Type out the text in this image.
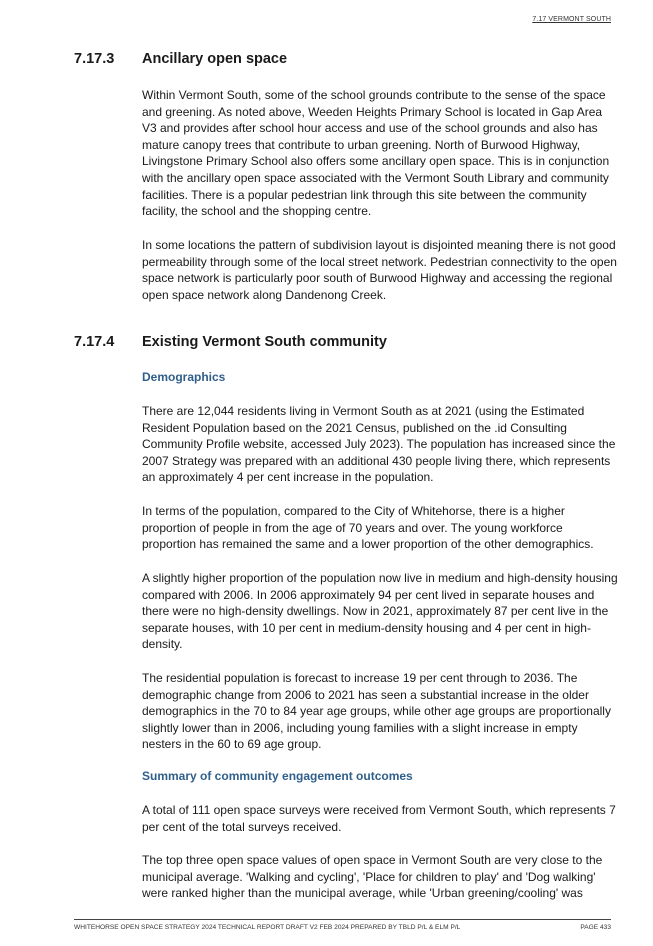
7.17 VERMONT SOUTH
7.17.3 Ancillary open space

Within Vermont South, some of the school grounds contribute to the sense of the space and greening. As noted above, Weeden Heights Primary School is located in Gap Area V3 and provides after school hour access and use of the school grounds and also has mature canopy trees that contribute to urban greening. North of Burwood Highway, Livingstone Primary School also offers some ancillary open space. This is in conjunction with the ancillary open space associated with the Vermont South Library and community facilities. There is a popular pedestrian link through this site between the community facility, the school and the shopping centre.

In some locations the pattern of subdivision layout is disjointed meaning there is not good permeability through some of the local street network. Pedestrian connectivity to the open space network is particularly poor south of Burwood Highway and accessing the regional open space network along Dandenong Creek.

7.17.4 Existing Vermont South community
Demographics

There are 12,044 residents living in Vermont South as at 2021 (using the Estimated Resident Population based on the 2021 Census, published on the .id Consulting Community Profile website, accessed July 2023). The population has increased since the 2007 Strategy was prepared with an additional 430 people living there, which represents an approximately 4 per cent increase in the population.

In terms of the population, compared to the City of Whitehorse, there is a higher proportion of people in from the age of 70 years and over. The young workforce proportion has remained the same and a lower proportion of the other demographics.

A slightly higher proportion of the population now live in medium and high-density housing compared with 2006. In 2006 approximately 94 per cent lived in separate houses and there were no high-density dwellings. Now in 2021, approximately 87 per cent live in the separate houses, with 10 per cent in medium-density housing and 4 per cent in high-density.

The residential population is forecast to increase 19 per cent through to 2036. The demographic change from 2006 to 2021 has seen a substantial increase in the older demographics in the 70 to 84 year age groups, while other age groups are proportionally slightly lower than in 2006, including young families with a slight increase in empty nesters in the 60 to 69 age group.

Summary of community engagement outcomes

A total of 111 open space surveys were received from Vermont South, which represents 7 per cent of the total surveys received.

The top three open space values of open space in Vermont South are very close to the municipal average. 'Walking and cycling', 'Place for children to play' and 'Dog walking' were ranked higher than the municipal average, while 'Urban greening/cooling' was

WHITEHORSE OPEN SPACE STRATEGY 2024 TECHNICAL REPORT DRAFT V2 FEB 2024 PREPARED BY TBLD P/L & ELM P/L	PAGE 433
